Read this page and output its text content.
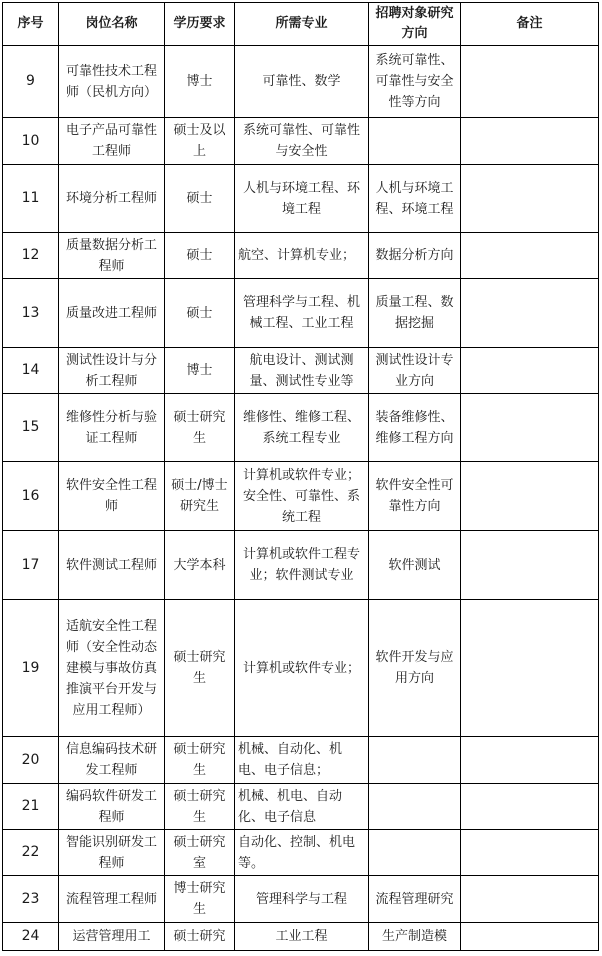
序号	岗位名称	学历要求	所需专业	招聘对象研究方向	备注
9	可靠性技术工程师（民机方向）	博士	可靠性、数学	系统可靠性、可靠性与安全性等方向	
10	电子产品可靠性工程师	硕士及以上	系统可靠性、可靠性与安全性		
11	环境分析工程师	硕士	人机与环境工程、环境工程	人机与环境工程、环境工程	
12	质量数据分析工程师	硕士	航空、计算机专业；	数据分析方向	
13	质量改进工程师	硕士	管理科学与工程、机械工程、工业工程	质量工程、数据挖掘	
14	测试性设计与分析工程师	博士	航电设计、测试测量、测试性专业等	测试性设计专业方向	
15	维修性分析与验证工程师	硕士研究生	维修性、维修工程、系统工程专业	装备维修性、维修工程方向	
16	软件安全性工程师	硕士/博士研究生	计算机或软件专业；安全性、可靠性、系统工程	软件安全性可靠性方向	
17	软件测试工程师	大学本科	计算机或软件工程专业；软件测试专业	软件测试	
19	适航安全性工程师（安全性动态建模与事故仿真推演平台开发与应用工程师）	硕士研究生	计算机或软件专业；	软件开发与应用方向	
20	信息编码技术研发工程师	硕士研究生	机械、自动化、机电、电子信息；		
21	编码软件研发工程师	硕士研究生	机械、机电、自动化、电子信息		
22	智能识别研发工程师	硕士研究室	自动化、控制、机电等。		
23	流程管理工程师	博士研究生	管理科学与工程	流程管理研究	
24	运营管理用工	硕士研究	工业工程	生产制造模	
